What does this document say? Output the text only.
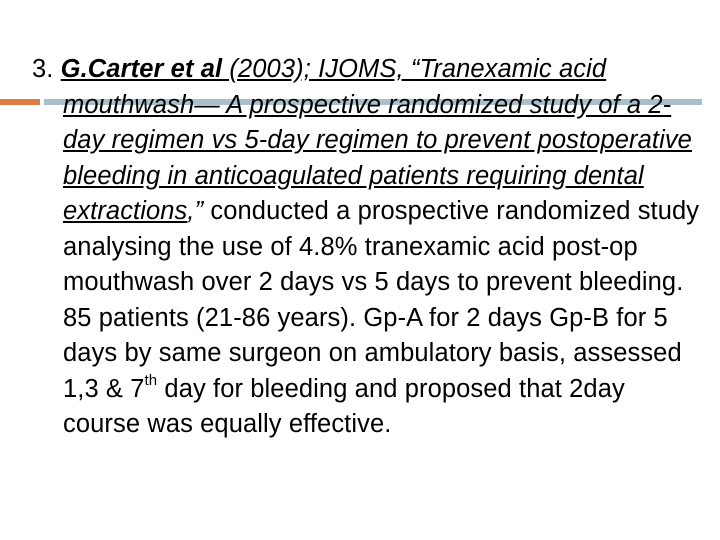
3. G.Carter et al (2003); IJOMS, “Tranexamic acid mouthwash— A prospective randomized study of a 2-day regimen vs 5-day regimen to prevent postoperative bleeding in anticoagulated patients requiring dental extractions,” conducted a prospective randomized study analysing the use of 4.8% tranexamic acid post-op mouthwash over 2 days vs 5 days to prevent bleeding. 85 patients (21-86 years). Gp-A for 2 days Gp-B for 5 days by same surgeon on ambulatory basis, assessed 1,3 & 7th day for bleeding and proposed that 2day course was equally effective.
